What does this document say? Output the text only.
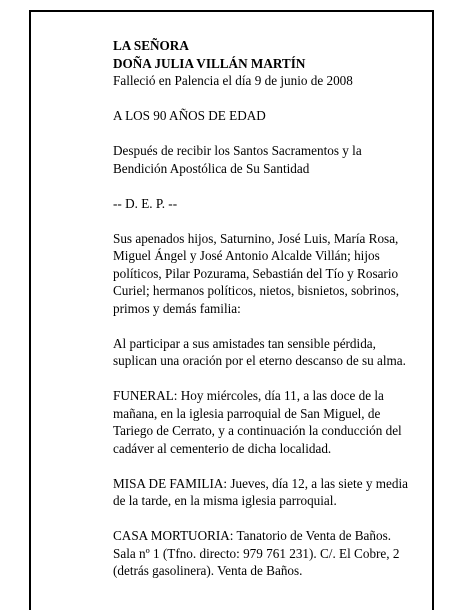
LA SEÑORA

DOÑA JULIA VILLÁN MARTÍN

Falleció en Palencia el día 9 de junio de 2008

A LOS 90 AÑOS DE EDAD

Después de recibir los Santos Sacramentos y la
Bendición Apostólica de Su Santidad

-- D. E. P. --

Sus apenados hijos, Saturnino, José Luis, María Rosa,
Miguel Ángel y José Antonio Alcalde Villán; hijos
políticos, Pilar Pozurama, Sebastián del Tío y Rosario
Curiel; hermanos políticos, nietos, bisnietos, sobrinos,
primos y demás familia:

Al participar a sus amistades tan sensible pérdida,
suplican una oración por el eterno descanso de su alma.

FUNERAL: Hoy miércoles, día 11, a las doce de la
mañana, en la iglesia parroquial de San Miguel, de
Tariego de Cerrato, y a continuación la conducción del
cadáver al cementerio de dicha localidad.

MISA DE FAMILIA: Jueves, día 12, a las siete y media
de la tarde, en la misma iglesia parroquial.

CASA MORTUORIA: Tanatorio de Venta de Baños.
Sala nº 1 (Tfno. directo: 979 761 231). C/. El Cobre, 2
(detrás gasolinera). Venta de Baños.
